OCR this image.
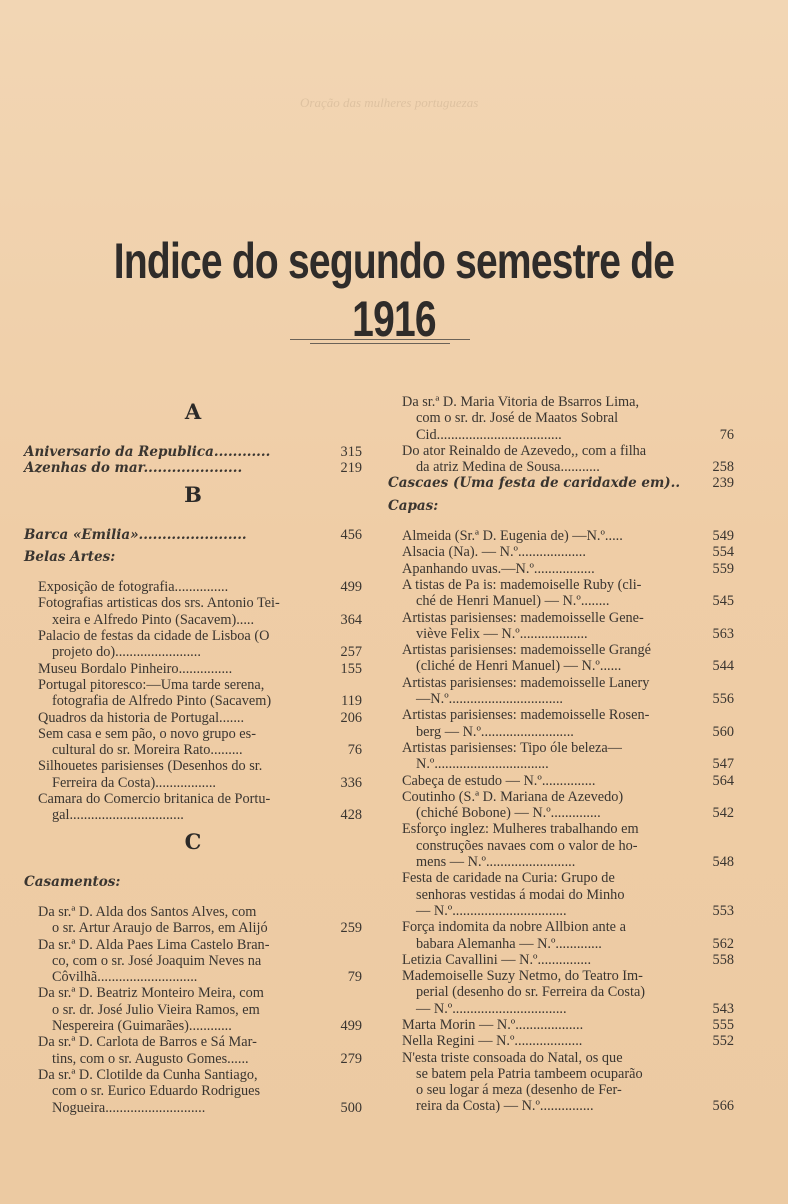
Oração das mulheres portuguezas
Indice do segundo semestre de 1916
A
Aniversario da Republica............	315
Azenhas do mar.....................	219
B
Barca «Emilia».......................	456
Belas Artes:
Exposição de fotografia...............	499
Fotografias artisticas dos srs. Antonio Tei-
xeira e Alfredo Pinto (Sacavem).....	364
Palacio de festas da cidade de Lisboa (O
projeto do)........................	257
Museu Bordalo Pinheiro...............	155
Portugal pitoresco:—Uma tarde serena,
fotografia de Alfredo Pinto (Sacavem)	119
Quadros da historia de Portugal.......	206
Sem casa e sem pão, o novo grupo es-
cultural do sr. Moreira Rato.........	76
Silhouetes parisienses (Desenhos do sr.
Ferreira da Costa).................	336
Camara do Comercio britanica de Portu-
gal................................	428
C
Casamentos:
Da sr.ª D. Alda dos Santos Alves, com
o sr. Artur Araujo de Barros, em Alijó	259
Da sr.ª D. Alda Paes Lima Castelo Bran-
co, com o sr. José Joaquim Neves na
Côvilhã............................	79
Da sr.ª D. Beatriz Monteiro Meira, com
o sr. dr. José Julio Vieira Ramos, em
Nespereira (Guimarães)............	499
Da sr.ª D. Carlota de Barros e Sá Mar-
tins, com o sr. Augusto Gomes......	279
Da sr.ª D. Clotilde da Cunha Santiago,
com o sr. Eurico Eduardo Rodrigues
Nogueira............................	500
Da sr.ª D. Maria Vitoria de Bsarros Lima,
com o sr. dr. José de Maatos Sobral
Cid...................................	76
Do ator Reinaldo de Azevedo,, com a filha
da atriz Medina de Sousa...........	258
Cascaes (Uma festa de caridaxde em)..	239
Capas:
Almeida (Sr.ª D. Eugenia de) —N.º.....	549
Alsacia (Na). — N.º...................	554
Apanhando uvas.—N.º.................	559
A tistas de Pa is: mademoiselle Ruby (cli-
ché de Henri Manuel) — N.º........	545
Artistas parisienses: mademoisselle Gene-
viève Felix — N.º...................	563
Artistas parisienses: mademoisselle Grangé
(cliché de Henri Manuel) — N.º......	544
Artistas parisienses: mademoisselle Lanery
—N.º................................	556
Artistas parisienses: mademoisselle Rosen-
berg — N.º..........................	560
Artistas parisienses: Tipo óle beleza—
N.º................................	547
Cabeça de estudo — N.º...............	564
Coutinho (S.ª D. Mariana de Azevedo)
(chiché Bobone) — N.º..............	542
Esforço inglez: Mulheres trabalhando em
construções navaes com o valor de ho-
mens — N.º.........................	548
Festa de caridade na Curia: Grupo de
senhoras vestidas á modai do Minho
— N.º................................	553
Força indomita da nobre Allbion ante a
babara Alemanha — N.º.............	562
Letizia Cavallini — N.º...............	558
Mademoiselle Suzy Netmo, do Teatro Im-
perial (desenho do sr. Ferreira da Costa)
— N.º................................	543
Marta Morin — N.º...................	555
Nella Regini — N.º...................	552
N'esta triste consoada do Natal, os que
se batem pela Patria tambeem ocuparão
o seu logar á meza (desenho de Fer-
reira da Costa) — N.º...............	566
